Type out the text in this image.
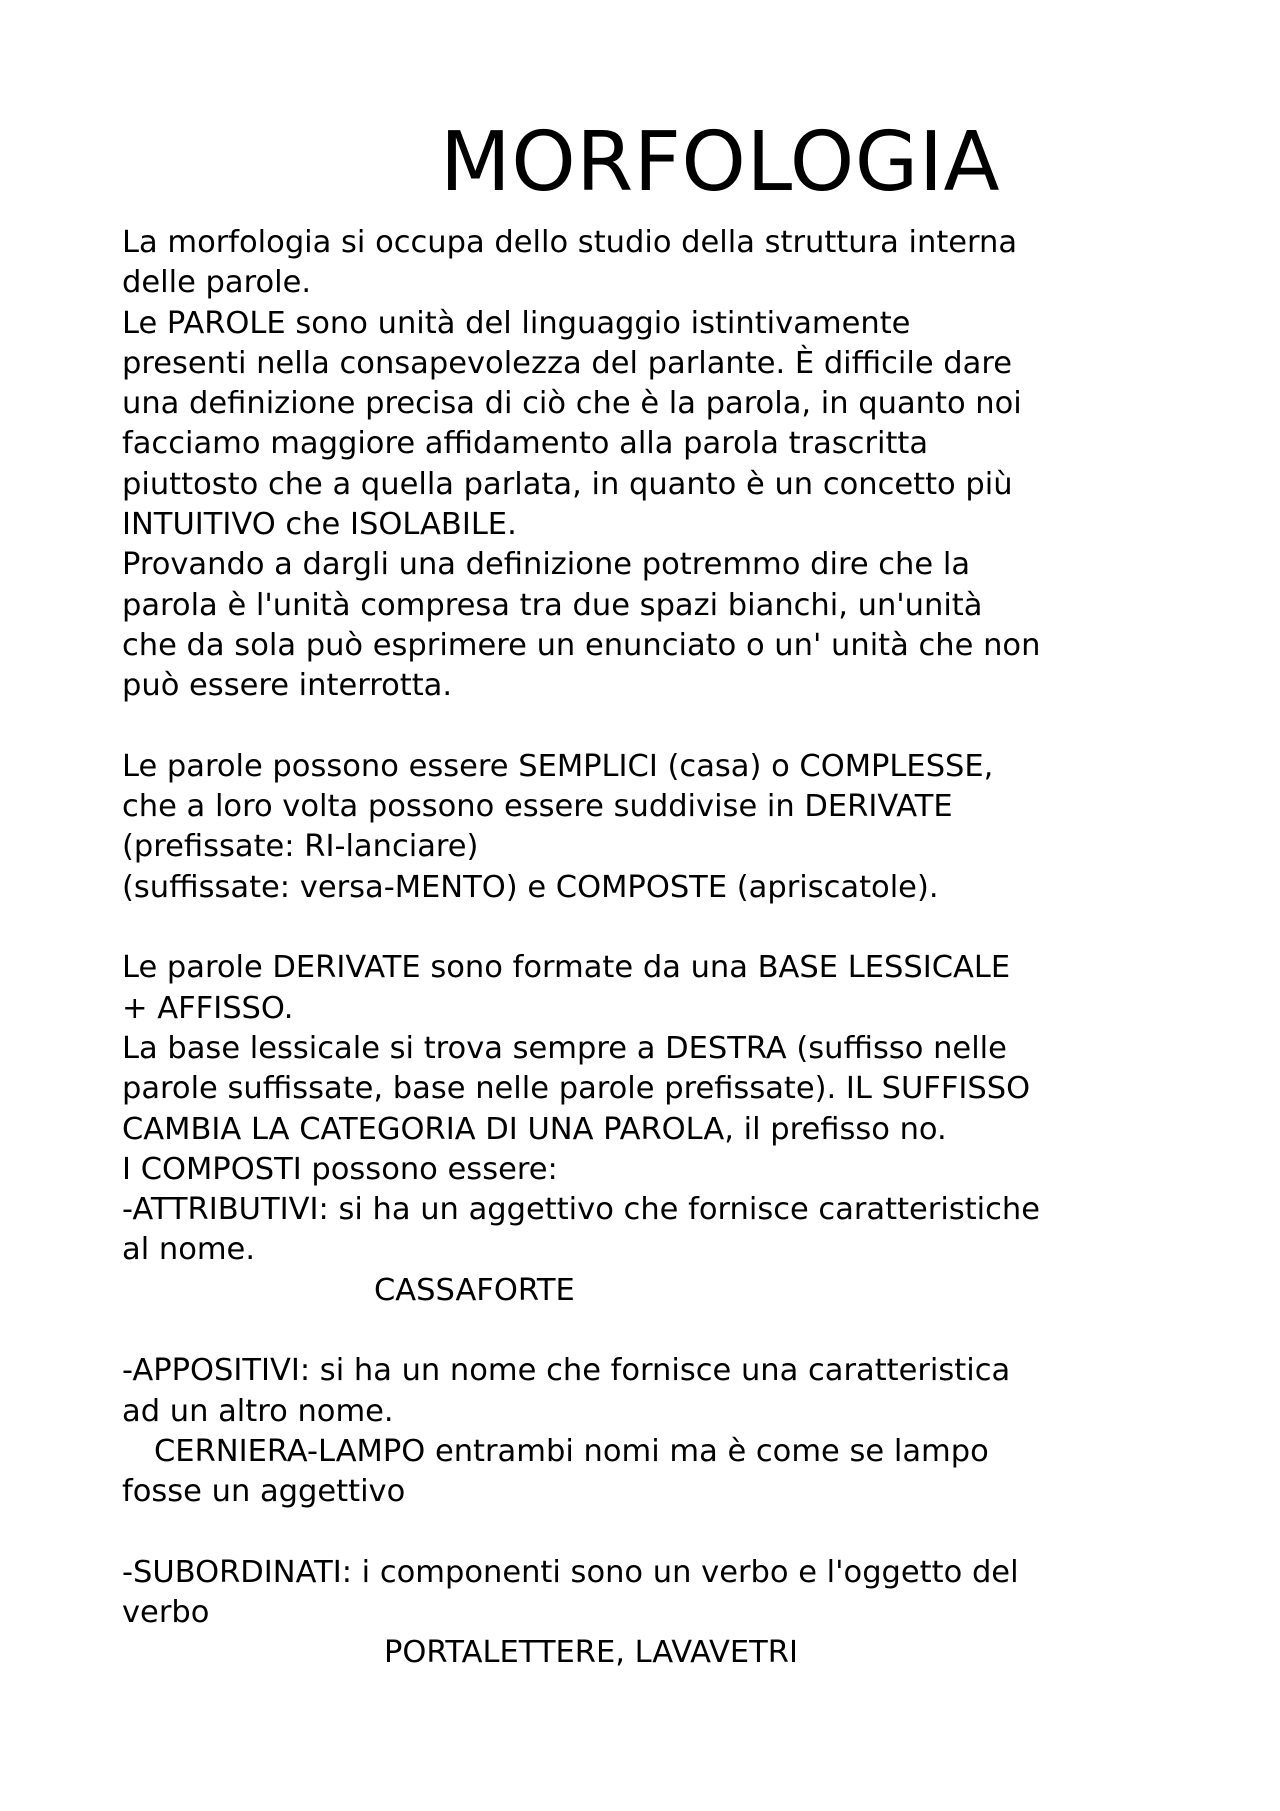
MORFOLOGIA
La morfologia si occupa dello studio della struttura interna
delle parole.
Le PAROLE sono unità del linguaggio istintivamente
presenti nella consapevolezza del parlante. È difficile dare
una definizione precisa di ciò che è la parola, in quanto noi
facciamo maggiore affidamento alla parola trascritta
piuttosto che a quella parlata, in quanto è un concetto più
INTUITIVO che ISOLABILE.
Provando a dargli una definizione potremmo dire che la
parola è l'unità compresa tra due spazi bianchi, un'unità
che da sola può esprimere un enunciato o un' unità che non
può essere interrotta.
Le parole possono essere SEMPLICI (casa) o COMPLESSE,
che a loro volta possono essere suddivise in DERIVATE
(prefissate: RI-lanciare)
(suffissate: versa-MENTO) e COMPOSTE (apriscatole).
Le parole DERIVATE sono formate da una BASE LESSICALE
+ AFFISSO.
La base lessicale si trova sempre a DESTRA (suffisso nelle
parole suffissate, base nelle parole prefissate). IL SUFFISSO
CAMBIA LA CATEGORIA DI UNA PAROLA, il prefisso no.
I COMPOSTI possono essere:
-ATTRIBUTIVI: si ha un aggettivo che fornisce caratteristiche
al nome.
CASSAFORTE
-APPOSITIVI: si ha un nome che fornisce una caratteristica
ad un altro nome.
CERNIERA-LAMPO entrambi nomi ma è come se lampo
fosse un aggettivo
-SUBORDINATI: i componenti sono un verbo e l'oggetto del
verbo
PORTALETTERE, LAVAVETRI
